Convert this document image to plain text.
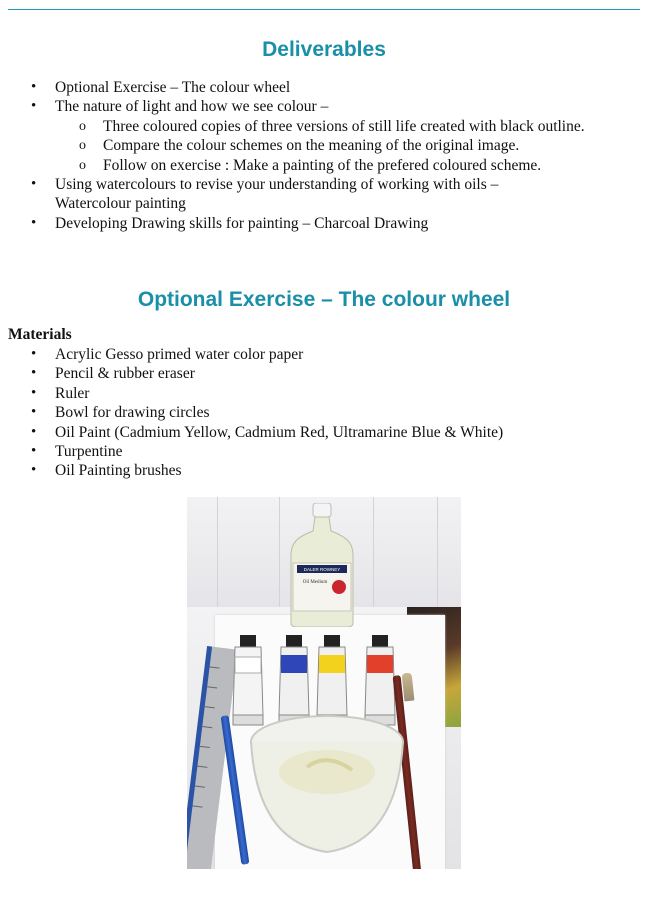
Deliverables
• Optional Exercise – The colour wheel
• The nature of light and how we see colour –
o Three coloured copies of three versions of still life created with black outline.
o Compare the colour schemes on the meaning of the original image.
o Follow on exercise : Make a painting of the prefered coloured scheme.
• Using watercolours to revise your understanding of working with oils –
Watercolour painting
• Developing Drawing skills for painting – Charcoal Drawing
Optional Exercise – The colour wheel

Materials

• Acrylic Gesso primed water color paper
• Pencil & rubber eraser
• Ruler
• Bowl for drawing circles
• Oil Paint (Cadmium Yellow, Cadmium Red, Ultramarine Blue & White)
• Turpentine
• Oil Painting brushes
DALER ROWNEY
Oil Medium
